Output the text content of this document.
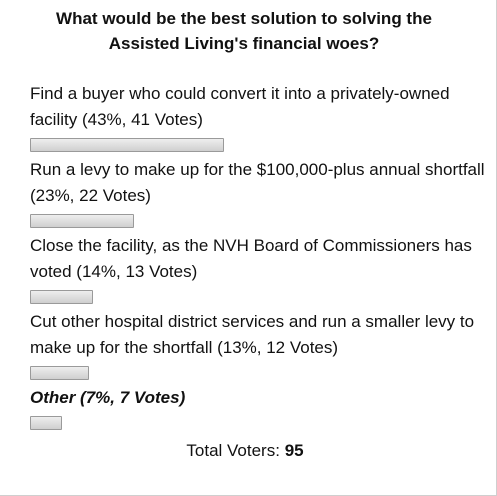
What would be the best solution to solving the Assisted Living's financial woes?

Find a buyer who could convert it into a privately-owned facility (43%, 41 Votes)

Run a levy to make up for the $100,000-plus annual shortfall (23%, 22 Votes)

Close the facility, as the NVH Board of Commissioners has voted (14%, 13 Votes)

Cut other hospital district services and run a smaller levy to make up for the shortfall (13%, 12 Votes)

Other (7%, 7 Votes)

Total Voters: 95
